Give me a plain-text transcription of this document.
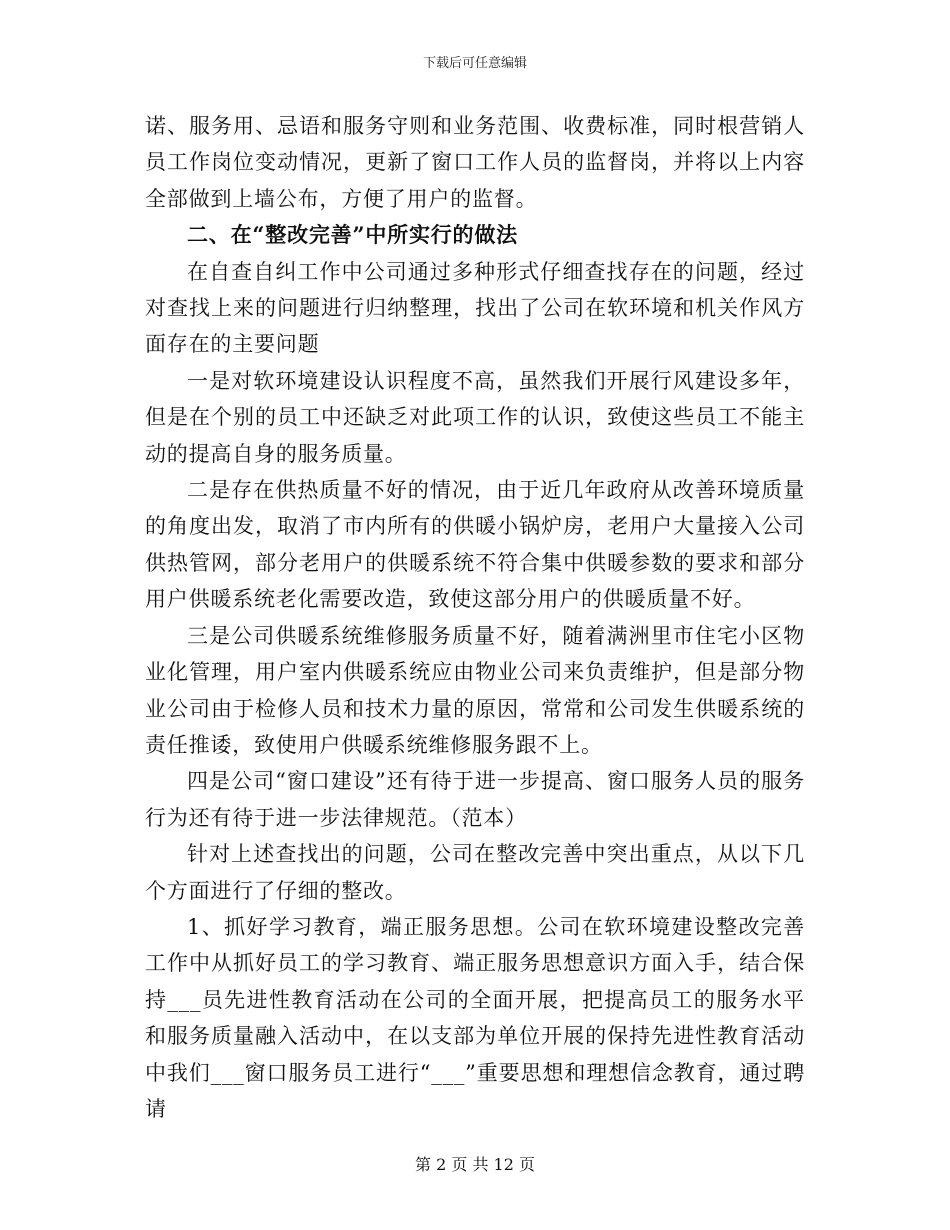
下载后可任意编辑

诺、服务用、忌语和服务守则和业务范围、收费标准，同时根营销人员工作岗位变动情况，更新了窗口工作人员的监督岗，并将以上内容全部做到上墙公布，方便了用户的监督。

二、在“整改完善”中所实行的做法

在自查自纠工作中公司通过多种形式仔细查找存在的问题，经过对查找上来的问题进行归纳整理，找出了公司在软环境和机关作风方面存在的主要问题

一是对软环境建设认识程度不高，虽然我们开展行风建设多年，但是在个别的员工中还缺乏对此项工作的认识，致使这些员工不能主动的提高自身的服务质量。

二是存在供热质量不好的情况，由于近几年政府从改善环境质量的角度出发，取消了市内所有的供暖小锅炉房，老用户大量接入公司供热管网，部分老用户的供暖系统不符合集中供暖参数的要求和部分用户供暖系统老化需要改造，致使这部分用户的供暖质量不好。

三是公司供暖系统维修服务质量不好，随着满洲里市住宅小区物业化管理，用户室内供暖系统应由物业公司来负责维护，但是部分物业公司由于检修人员和技术力量的原因，常常和公司发生供暖系统的责任推诿，致使用户供暖系统维修服务跟不上。

四是公司“窗口建设”还有待于进一步提高、窗口服务人员的服务行为还有待于进一步法律规范。（范本）

针对上述查找出的问题，公司在整改完善中突出重点，从以下几个方面进行了仔细的整改。

1、抓好学习教育，端正服务思想。公司在软环境建设整改完善工作中从抓好员工的学习教育、端正服务思想意识方面入手，结合保持___员先进性教育活动在公司的全面开展，把提高员工的服务水平和服务质量融入活动中，在以支部为单位开展的保持先进性教育活动中我们___窗口服务员工进行“___”重要思想和理想信念教育，通过聘请

第 2 页 共 12 页
